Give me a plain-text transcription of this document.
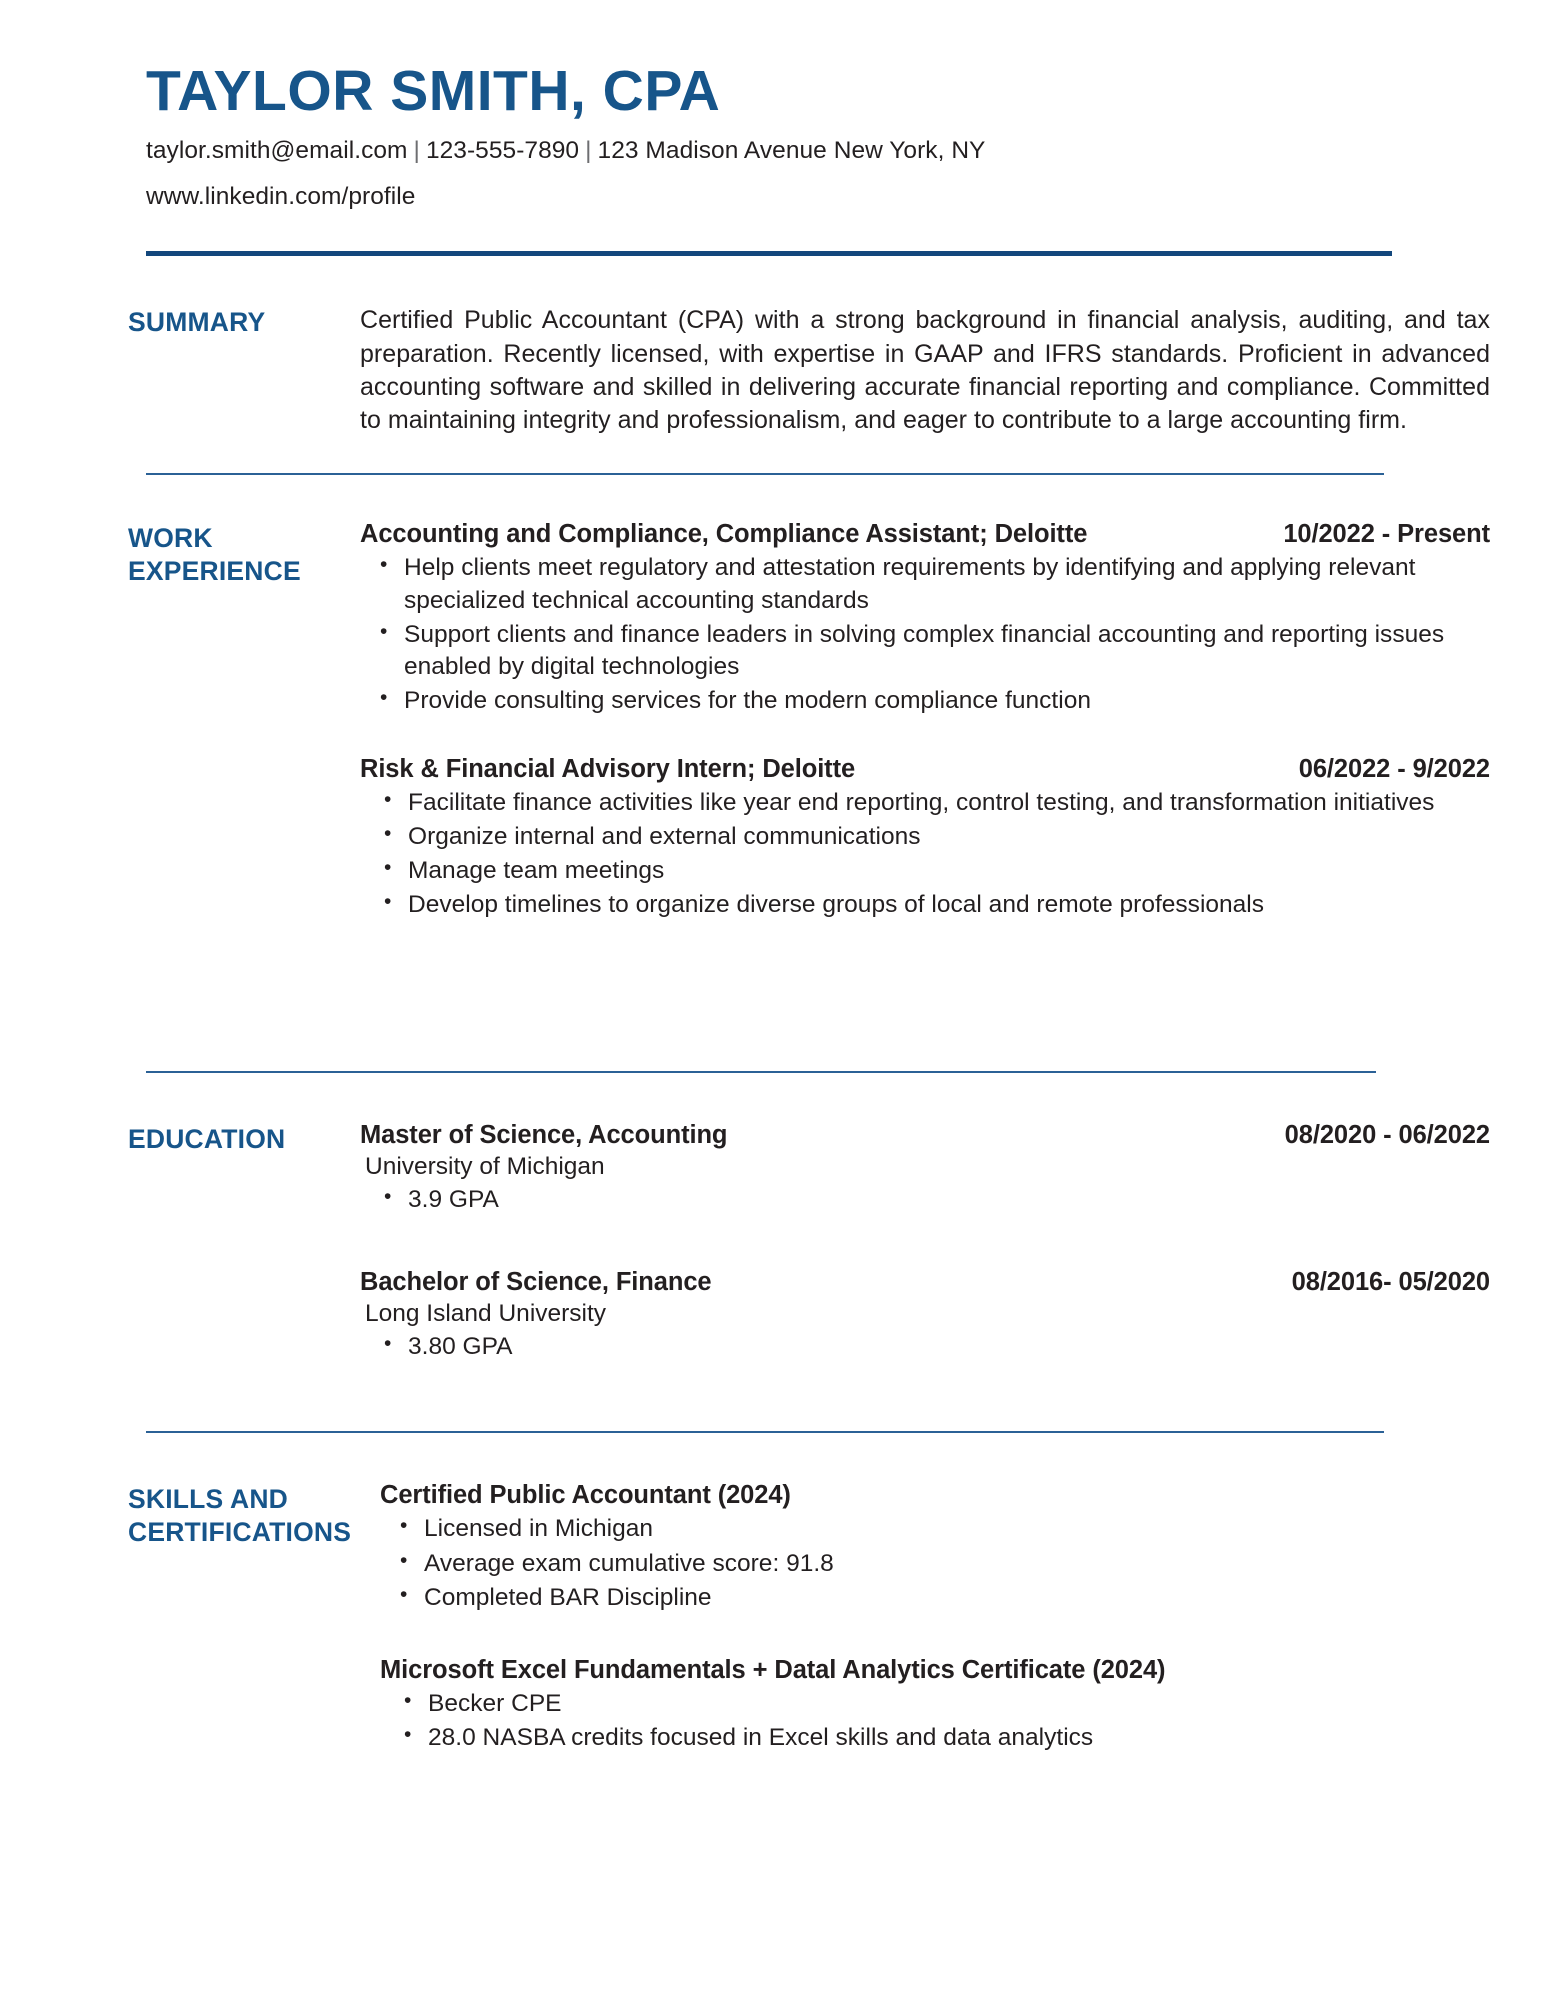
TAYLOR SMITH, CPA
taylor.smith@email.com | 123-555-7890 | 123 Madison Avenue New York, NY
www.linkedin.com/profile
SUMMARY	Certified Public Accountant (CPA) with a strong background in financial analysis, auditing, and tax preparation. Recently licensed, with expertise in GAAP and IFRS standards. Proficient in advanced accounting software and skilled in delivering accurate financial reporting and compliance. Committed to maintaining integrity and professionalism, and eager to contribute to a large accounting firm.

WORK
EXPERIENCE
Accounting and Compliance, Compliance Assistant; Deloitte	10/2022 - Present
• Help clients meet regulatory and attestation requirements by identifying and applying relevant specialized technical accounting standards
• Support clients and finance leaders in solving complex financial accounting and reporting issues enabled by digital technologies
• Provide consulting services for the modern compliance function
Risk & Financial Advisory Intern; Deloitte	06/2022 - 9/2022
• Facilitate finance activities like year end reporting, control testing, and transformation initiatives
• Organize internal and external communications
• Manage team meetings
• Develop timelines to organize diverse groups of local and remote professionals
EDUCATION	Master of Science, Accounting	08/2020 - 06/2022
University of Michigan
• 3.9 GPA
Bachelor of Science, Finance	08/2016- 05/2020
Long Island University
• 3.80 GPA
SKILLS AND
CERTIFICATIONS
Certified Public Accountant (2024)
• Licensed in Michigan
• Average exam cumulative score: 91.8
• Completed BAR Discipline
Microsoft Excel Fundamentals + Datal Analytics Certificate (2024)
• Becker CPE
• 28.0 NASBA credits focused in Excel skills and data analytics
